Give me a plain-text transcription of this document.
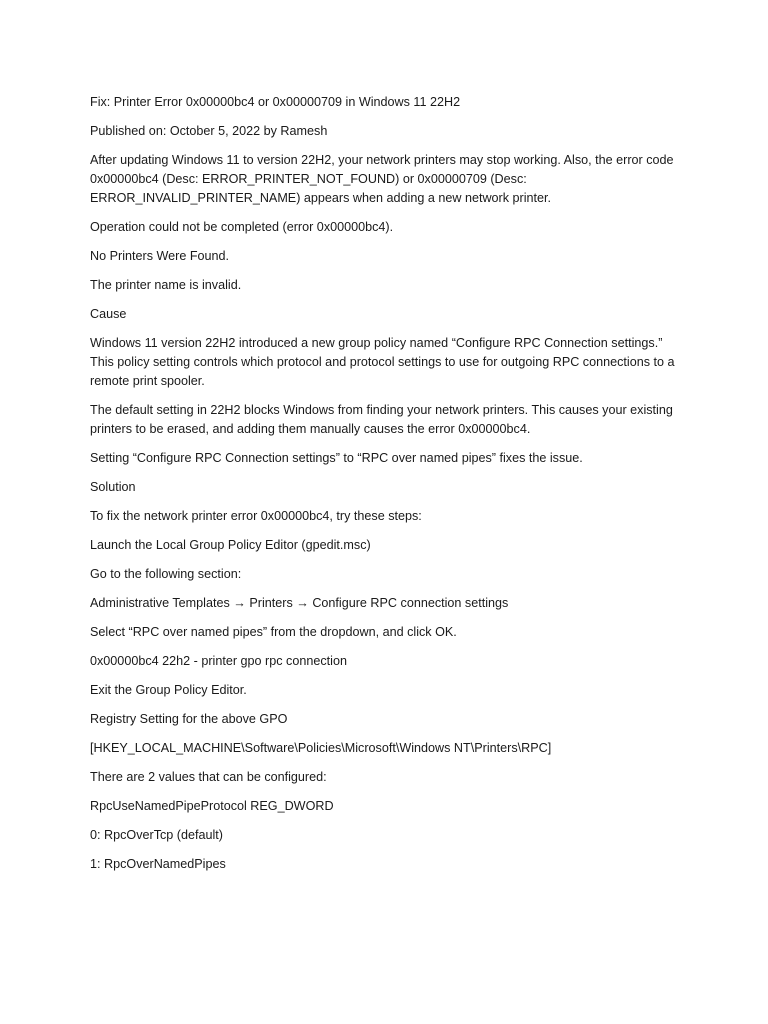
Fix: Printer Error 0x00000bc4 or 0x00000709 in Windows 11 22H2

Published on: October 5, 2022 by Ramesh

After updating Windows 11 to version 22H2, your network printers may stop working. Also, the error code 0x00000bc4 (Desc: ERROR_PRINTER_NOT_FOUND) or 0x00000709 (Desc: ERROR_INVALID_PRINTER_NAME) appears when adding a new network printer.

Operation could not be completed (error 0x00000bc4).

No Printers Were Found.

The printer name is invalid.

Cause

Windows 11 version 22H2 introduced a new group policy named “Configure RPC Connection settings.” This policy setting controls which protocol and protocol settings to use for outgoing RPC connections to a remote print spooler.

The default setting in 22H2 blocks Windows from finding your network printers. This causes your existing printers to be erased, and adding them manually causes the error 0x00000bc4.

Setting “Configure RPC Connection settings” to “RPC over named pipes” fixes the issue.

Solution

To fix the network printer error 0x00000bc4, try these steps:

Launch the Local Group Policy Editor (gpedit.msc)

Go to the following section:

Administrative Templates → Printers → Configure RPC connection settings

Select “RPC over named pipes” from the dropdown, and click OK.

0x00000bc4 22h2 - printer gpo rpc connection

Exit the Group Policy Editor.

Registry Setting for the above GPO

[HKEY_LOCAL_MACHINE\Software\Policies\Microsoft\Windows NT\Printers\RPC]

There are 2 values that can be configured:

RpcUseNamedPipeProtocol REG_DWORD

0: RpcOverTcp (default)

1: RpcOverNamedPipes
